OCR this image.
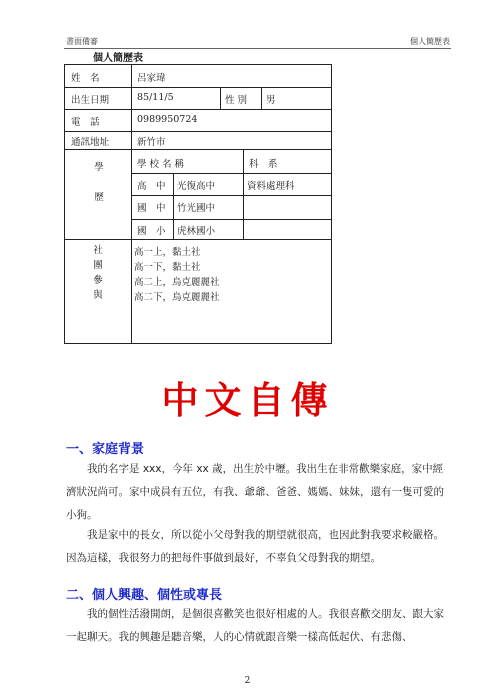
書面備審	個人簡歷表
個人簡歷表
姓　名	呂家瑋
出生日期	85/11/5	性 別 男
電　話	0989950724
通訊地址	新竹市
學　歷
學 校 名 稱	科　系
高　中 光復高中	資料處理科
國　中 竹光國中
國　小 虎林國小
社團參與
高一上，黏土社
高一下，黏土社
高二上，烏克麗麗社
高二下，烏克麗麗社
中文自傳
一、家庭背景
我的名字是 xxx，今年 xx 歲，出生於中壢。我出生在非常歡樂家庭，家中經濟狀況尚可。家中成員有五位，有我、爺爺、爸爸、媽媽、妹妹，還有一隻可愛的小狗。
我是家中的長女，所以從小父母對我的期望就很高，也因此對我要求較嚴格。因為這樣，我很努力的把每件事做到最好，不辜負父母對我的期望。
二、個人興趣、個性或專長
我的個性活潑開朗，是個很喜歡笑也很好相處的人。我很喜歡交朋友、跟大家一起聊天。我的興趣是聽音樂，人的心情就跟音樂一樣高低起伏、有悲傷、
2
